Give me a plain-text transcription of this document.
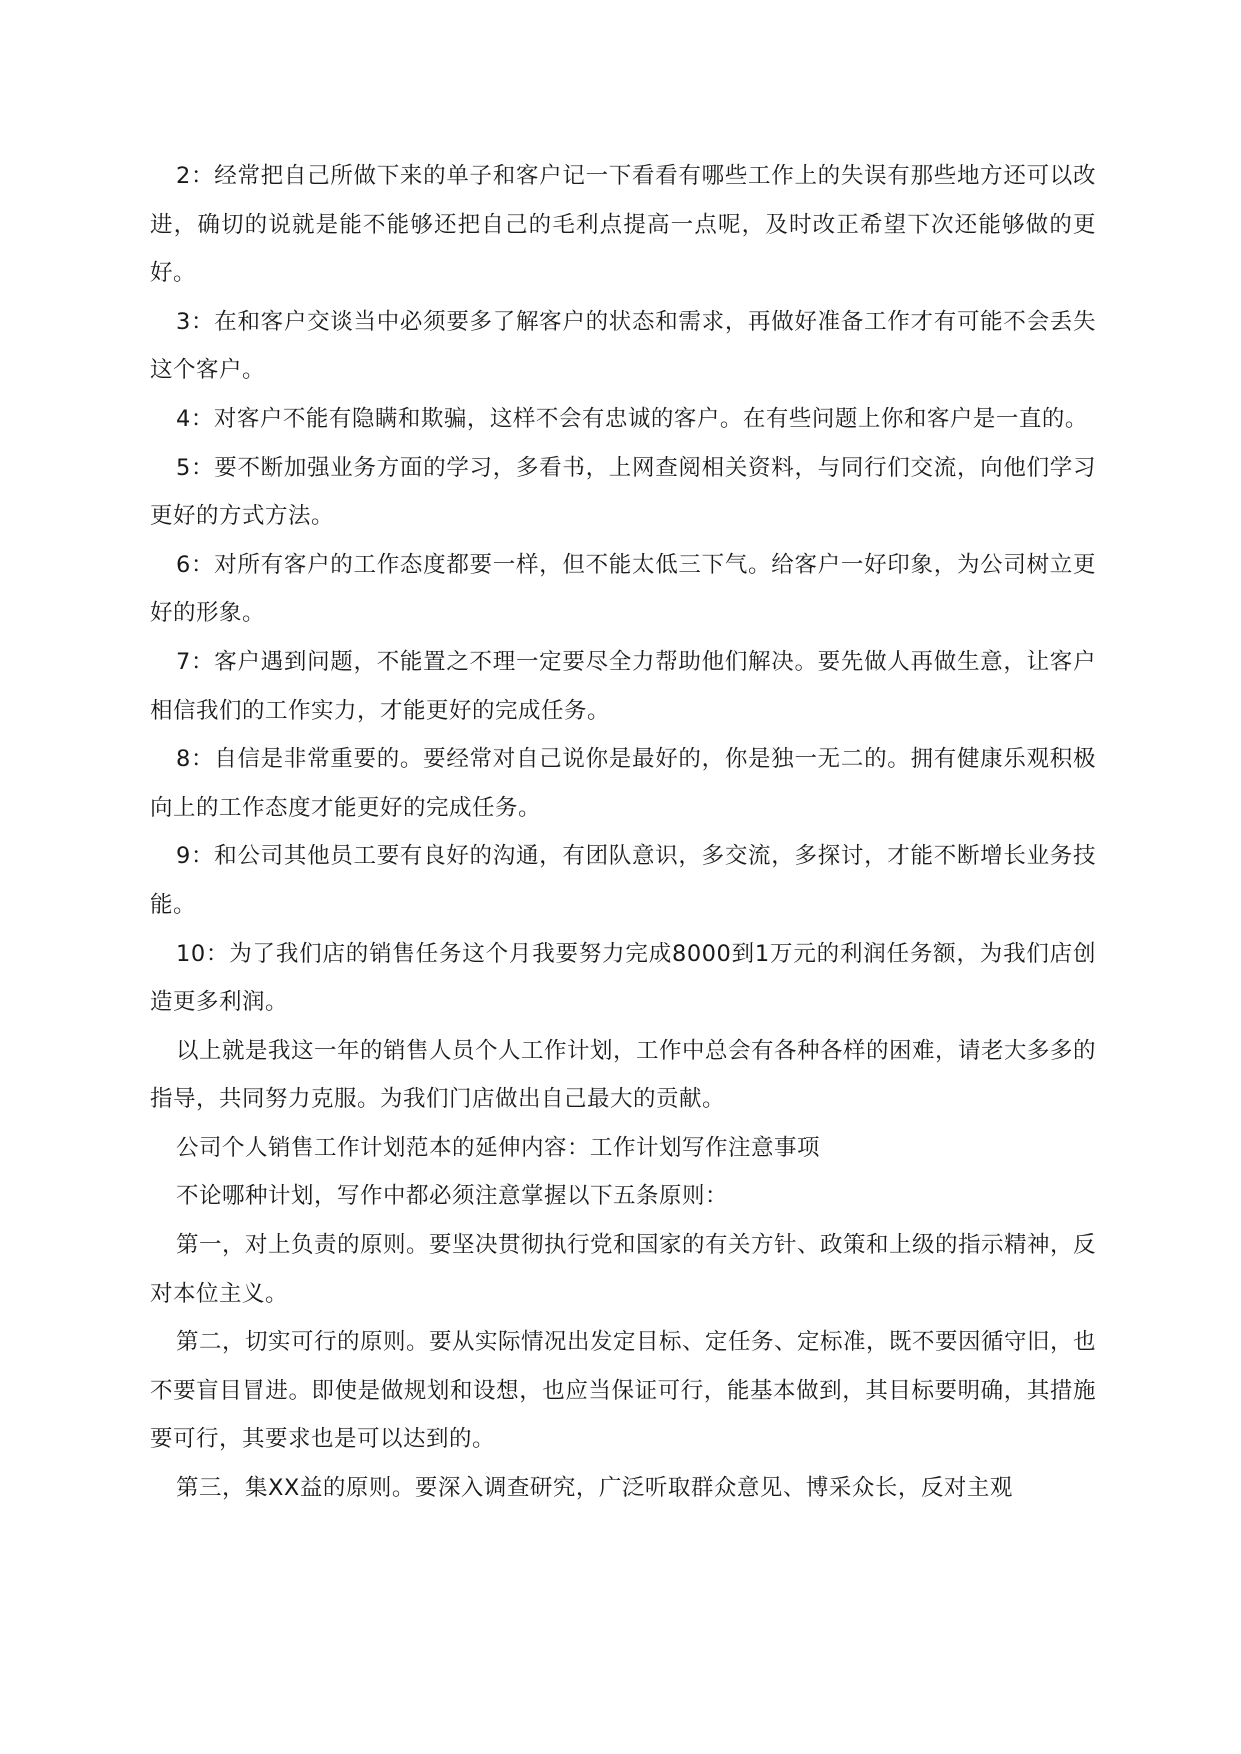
2：经常把自己所做下来的单子和客户记一下看看有哪些工作上的失误有那些地方还可以改进，确切的说就是能不能够还把自己的毛利点提高一点呢，及时改正希望下次还能够做的更好。

3：在和客户交谈当中必须要多了解客户的状态和需求，再做好准备工作才有可能不会丢失这个客户。

4：对客户不能有隐瞒和欺骗，这样不会有忠诚的客户。在有些问题上你和客户是一直的。

5：要不断加强业务方面的学习，多看书，上网查阅相关资料，与同行们交流，向他们学习更好的方式方法。

6：对所有客户的工作态度都要一样，但不能太低三下气。给客户一好印象，为公司树立更好的形象。

7：客户遇到问题，不能置之不理一定要尽全力帮助他们解决。要先做人再做生意，让客户相信我们的工作实力，才能更好的完成任务。

8：自信是非常重要的。要经常对自己说你是最好的，你是独一无二的。拥有健康乐观积极向上的工作态度才能更好的完成任务。

9：和公司其他员工要有良好的沟通，有团队意识，多交流，多探讨，才能不断增长业务技能。

10：为了我们店的销售任务这个月我要努力完成8000到1万元的利润任务额，为我们店创造更多利润。

以上就是我这一年的销售人员个人工作计划，工作中总会有各种各样的困难，请老大多多的指导，共同努力克服。为我们门店做出自己最大的贡献。

公司个人销售工作计划范本的延伸内容：工作计划写作注意事项

不论哪种计划，写作中都必须注意掌握以下五条原则：

第一，对上负责的原则。要坚决贯彻执行党和国家的有关方针、政策和上级的指示精神，反对本位主义。

第二，切实可行的原则。要从实际情况出发定目标、定任务、定标准，既不要因循守旧，也不要盲目冒进。即使是做规划和设想，也应当保证可行，能基本做到，其目标要明确，其措施要可行，其要求也是可以达到的。

第三，集XX益的原则。要深入调查研究，广泛听取群众意见、博采众长，反对主观
